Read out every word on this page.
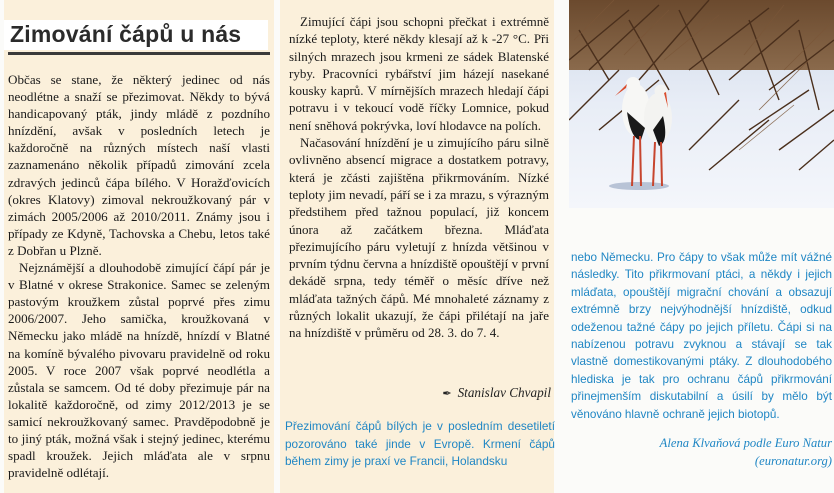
Zimování čápů u nás

Občas se stane, že některý jedinec od nás neodlétne a snaží se přezimovat. Někdy to bývá handicapovaný pták, jindy mládě z pozdního hnízdění, avšak v posledních letech je každoročně na různých místech naší vlasti zaznamenáno několik případů zimování zcela zdravých jedinců čápa bílého. V Horažďovicích (okres Klatovy) zimoval nekroužkovaný pár v zimách 2005/2006 až 2010/2011. Známy jsou i případy ze Kdyně, Tachovska a Chebu, letos také z Dobřan u Plzně.

Nejznámější a dlouhodobě zimující čápí pár je v Blatné v okrese Strakonice. Samec se zeleným pastovým kroužkem zůstal poprvé přes zimu 2006/2007. Jeho samička, kroužkovaná v Německu jako mládě na hnízdě, hnízdí v Blatné na komíně bývalého pivovaru pravidelně od roku 2005. V roce 2007 však poprvé neodlétla a zůstala se samcem. Od té doby přezimuje pár na lokalitě každoročně, od zimy 2012/2013 je se samicí nekroužkovaný samec. Pravděpodobně je to jiný pták, možná však i stejný jedinec, kterému spadl kroužek. Jejich mláďata ale v srpnu pravidelně odlétají.

Zimující čápi jsou schopni přečkat i extrémně nízké teploty, které někdy klesají až k -27 °C. Při silných mrazech jsou krmeni ze sádek Blatenské ryby. Pracovníci rybářství jim házejí nasekané kousky kaprů. V mírnějších mrazech hledají čápi potravu i v tekoucí vodě říčky Lomnice, pokud není sněhová pokrývka, loví hlodavce na polích.

Načasování hnízdění je u zimujícího páru silně ovlivněno absencí migrace a dostatkem potravy, která je zčásti zajištěna přikrmováním. Nízké teploty jim nevadí, páří se i za mrazu, s výrazným předstihem před tažnou populací, již koncem února až začátkem března. Mláďata přezimujícího páru vyletují z hnízda většinou v prvním týdnu června a hnízdiště opouštějí v první dekádě srpna, tedy téměř o měsíc dříve než mláďata tažných čápů. Mé mnohaleté záznamy z různých lokalit ukazují, že čápi přilétají na jaře na hnízdiště v průměru od 28. 3. do 7. 4.

✒ Stanislav Chvapil

Přezimování čápů bílých je v posledním desetiletí pozorováno také jinde v Evropě. Krmení čápů během zimy je praxí ve Francii, Holandsku

nebo Německu. Pro čápy to však může mít vážné následky. Tito přikrmovaní ptáci, a někdy i jejich mláďata, opouštějí migrační chování a obsazují extrémně brzy nejvýhodnější hnízdiště, odkud odeženou tažné čápy po jejich příletu. Čápi si na nabízenou potravu zvyknou a stávají se tak vlastně domestikovanými ptáky. Z dlouhodobého hlediska je tak pro ochranu čápů přikrmování přinejmenším diskutabilní a úsilí by mělo být věnováno hlavně ochraně jejich biotopů.

Alena Klvaňová podle Euro Natur
(euronatur.org)
